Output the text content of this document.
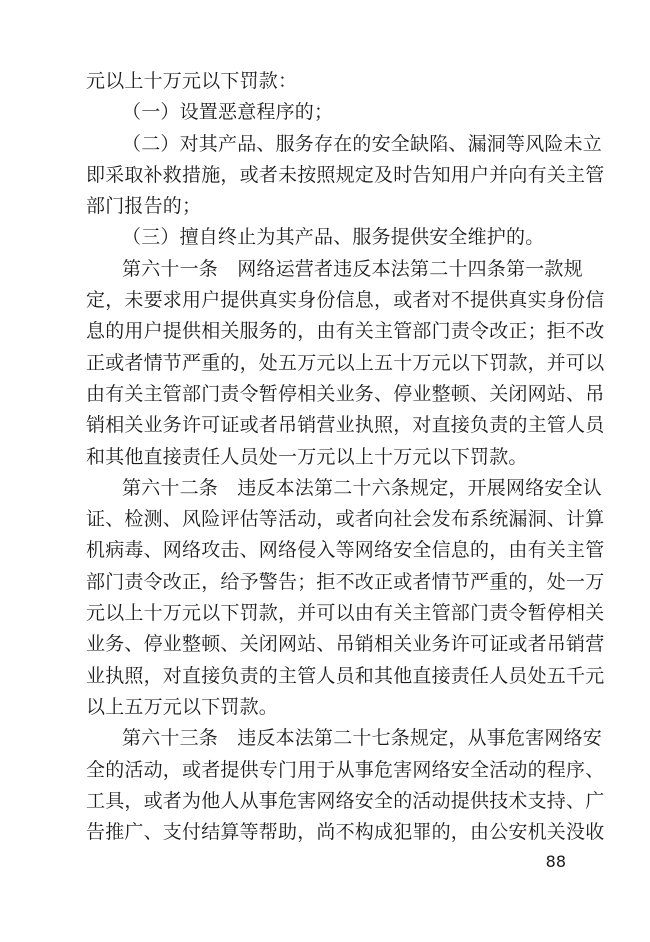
元以上十万元以下罚款：
（一）设置恶意程序的；
（二）对其产品、服务存在的安全缺陷、漏洞等风险未立
即采取补救措施，或者未按照规定及时告知用户并向有关主管
部门报告的；
（三）擅自终止为其产品、服务提供安全维护的。
第六十一条　网络运营者违反本法第二十四条第一款规
定，未要求用户提供真实身份信息，或者对不提供真实身份信
息的用户提供相关服务的，由有关主管部门责令改正；拒不改
正或者情节严重的，处五万元以上五十万元以下罚款，并可以
由有关主管部门责令暂停相关业务、停业整顿、关闭网站、吊
销相关业务许可证或者吊销营业执照，对直接负责的主管人员
和其他直接责任人员处一万元以上十万元以下罚款。
第六十二条　违反本法第二十六条规定，开展网络安全认
证、检测、风险评估等活动，或者向社会发布系统漏洞、计算
机病毒、网络攻击、网络侵入等网络安全信息的，由有关主管
部门责令改正，给予警告；拒不改正或者情节严重的，处一万
元以上十万元以下罚款，并可以由有关主管部门责令暂停相关
业务、停业整顿、关闭网站、吊销相关业务许可证或者吊销营
业执照，对直接负责的主管人员和其他直接责任人员处五千元
以上五万元以下罚款。
第六十三条　违反本法第二十七条规定，从事危害网络安
全的活动，或者提供专门用于从事危害网络安全活动的程序、
工具，或者为他人从事危害网络安全的活动提供技术支持、广
告推广、支付结算等帮助，尚不构成犯罪的，由公安机关没收
88
